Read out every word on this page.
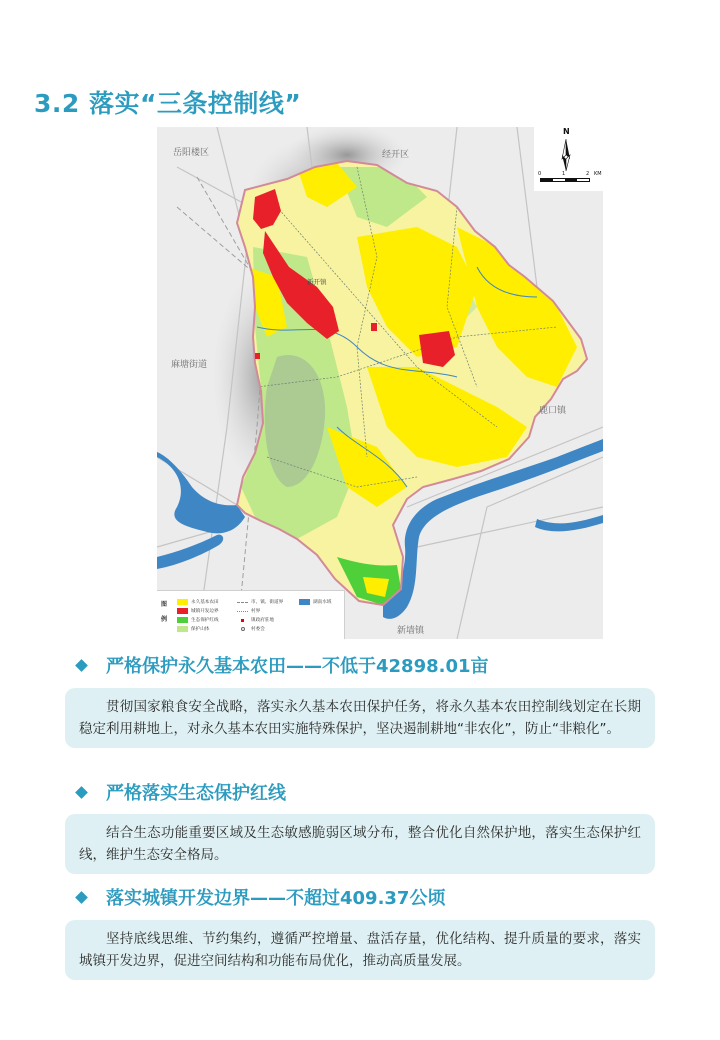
3.2 落实“三条控制线”
岳阳楼区	经开区
麻塘街道
鹿口镇
新墙镇
新开镇
N
0	1	2 KM
图例
永久基本农田
城镇开发边界
生态保护红线
保护山体
市、镇、街道界
村界
镇政府驻地
村委会
湖南水域
严格保护永久基本农田——不低于42898.01亩
贯彻国家粮食安全战略，落实永久基本农田保护任务，将永久基本农田控制线划定在长期稳定利用耕地上，对永久基本农田实施特殊保护，坚决遏制耕地“非农化”，防止“非粮化”。
严格落实生态保护红线
结合生态功能重要区域及生态敏感脆弱区域分布，整合优化自然保护地，落实生态保护红线，维护生态安全格局。
落实城镇开发边界——不超过409.37公顷
坚持底线思维、节约集约，遵循严控增量、盘活存量，优化结构、提升质量的要求，落实城镇开发边界，促进空间结构和功能布局优化，推动高质量发展。
